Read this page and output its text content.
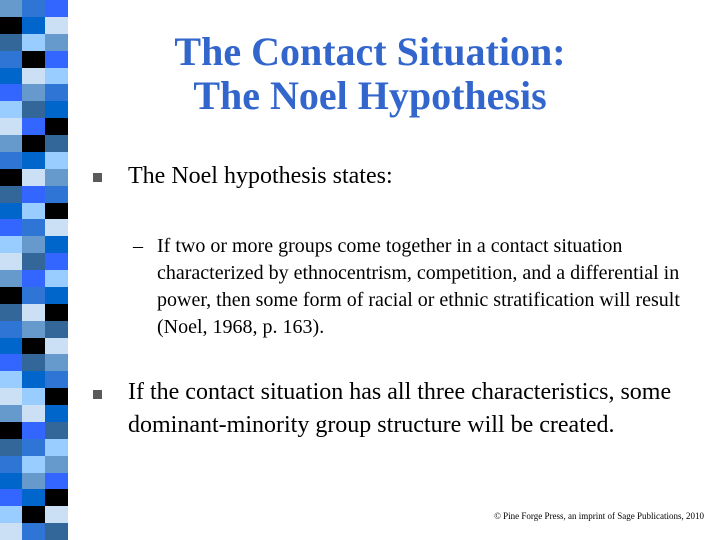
The Contact Situation:
The Noel Hypothesis
The Noel hypothesis states:
– If two or more groups come together in a contact situation characterized by ethnocentrism, competition, and a differential in power, then some form of racial or ethnic stratification will result (Noel, 1968, p. 163).
If the contact situation has all three characteristics, some dominant-minority group structure will be created.
© Pine Forge Press, an imprint of Sage Publications, 2010
